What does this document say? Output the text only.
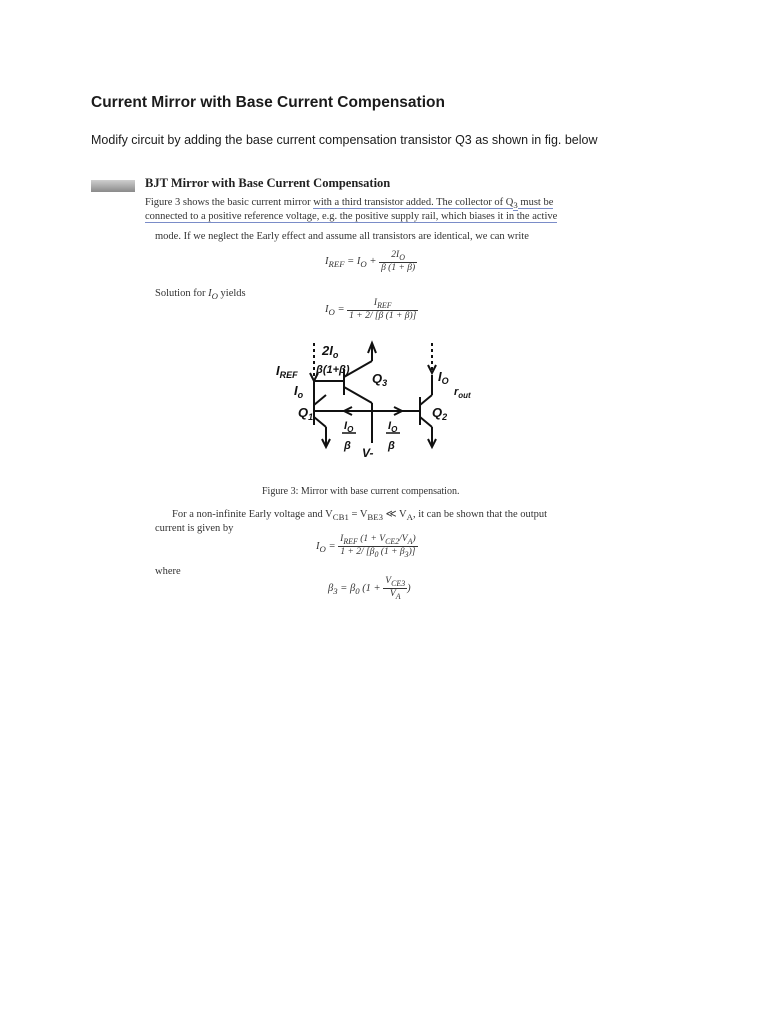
Current Mirror with Base Current Compensation
Modify circuit by adding the base current compensation transistor Q3 as shown in fig. below
BJT Mirror with Base Current Compensation
Figure 3 shows the basic current mirror with a third transistor added. The collector of $Q_3$ must be
connected to a positive reference voltage, e.g. the positive supply rail, which biases it in the active
mode. If we neglect the Early effect and assume all transistors are identical, we can write
$I_{REF} = I_O + \frac{2I_O}{\beta (1 + \beta)}$
Solution for $I_O$ yields
$I_O = \frac{I_{REF}}{1 + 2/ [\beta (1 + \beta)]}$
$2I_o$
β(1+β)
$I_{REF}$
$I_o$
$Q_1$
$Q_3$	$I_O$
$r_{out}$
$Q_2$
$I_O$
β
$I_O$
β
V-
Figure 3: Mirror with base current compensation.
For a non-infinite Early voltage and $V_{CB1} = V_{BE3}$ ≪ $V_A$, it can be shown that the output
current is given by
$I_O = \frac{I_{REF} (1 + V_{CE2}/V_A)}{1 + 2/ [\beta_0 (1 + \beta_3)]}$
where
$\beta_3 = \beta_0$ ($1 + \frac{V_{CE3}}{V_A}$ )
